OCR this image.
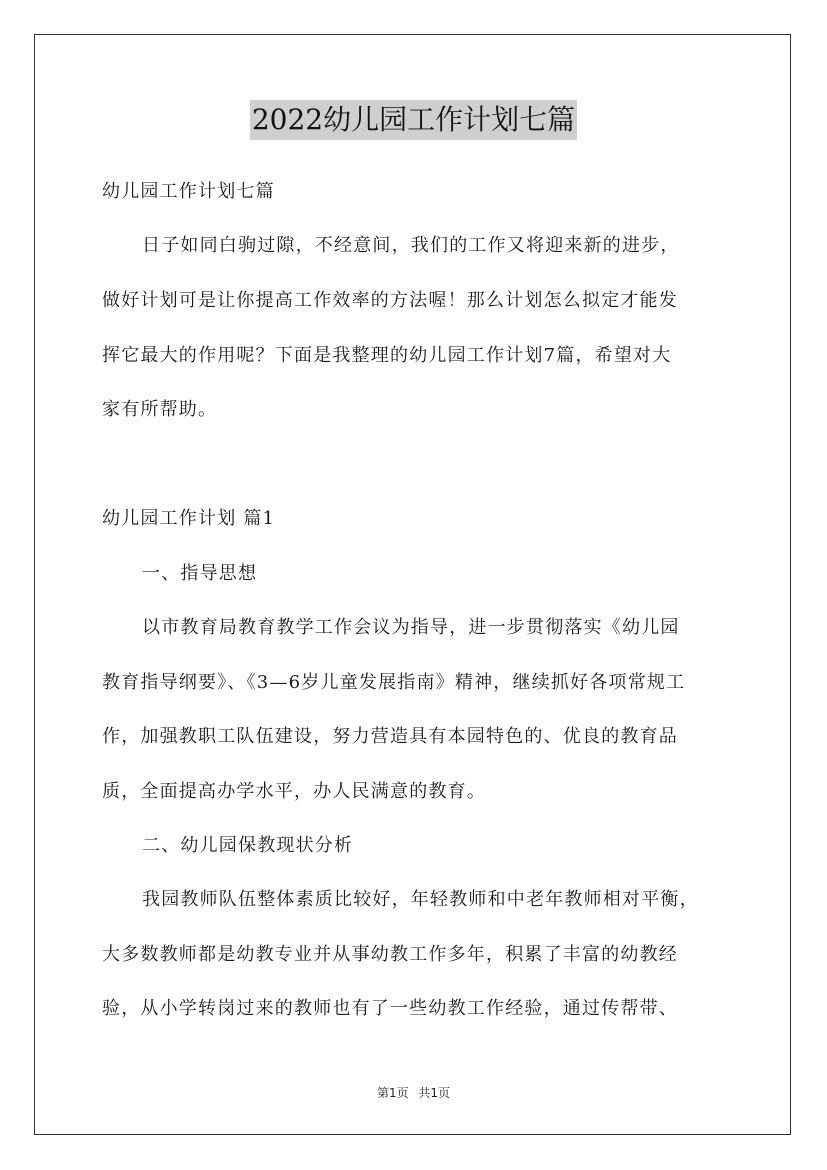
2022幼儿园工作计划七篇
幼儿园工作计划七篇
日子如同白驹过隙，不经意间，我们的工作又将迎来新的进步，
做好计划可是让你提高工作效率的方法喔！那么计划怎么拟定才能发
挥它最大的作用呢？下面是我整理的幼儿园工作计划7篇，希望对大
家有所帮助。
幼儿园工作计划 篇1
一、指导思想
以市教育局教育教学工作会议为指导，进一步贯彻落实《幼儿园
教育指导纲要》、《3—6岁儿童发展指南》精神，继续抓好各项常规工
作，加强教职工队伍建设，努力营造具有本园特色的、优良的教育品
质，全面提高办学水平，办人民满意的教育。
二、幼儿园保教现状分析
我园教师队伍整体素质比较好，年轻教师和中老年教师相对平衡，
大多数教师都是幼教专业并从事幼教工作多年，积累了丰富的幼教经
验，从小学转岗过来的教师也有了一些幼教工作经验，通过传帮带、
第1页 共1页
